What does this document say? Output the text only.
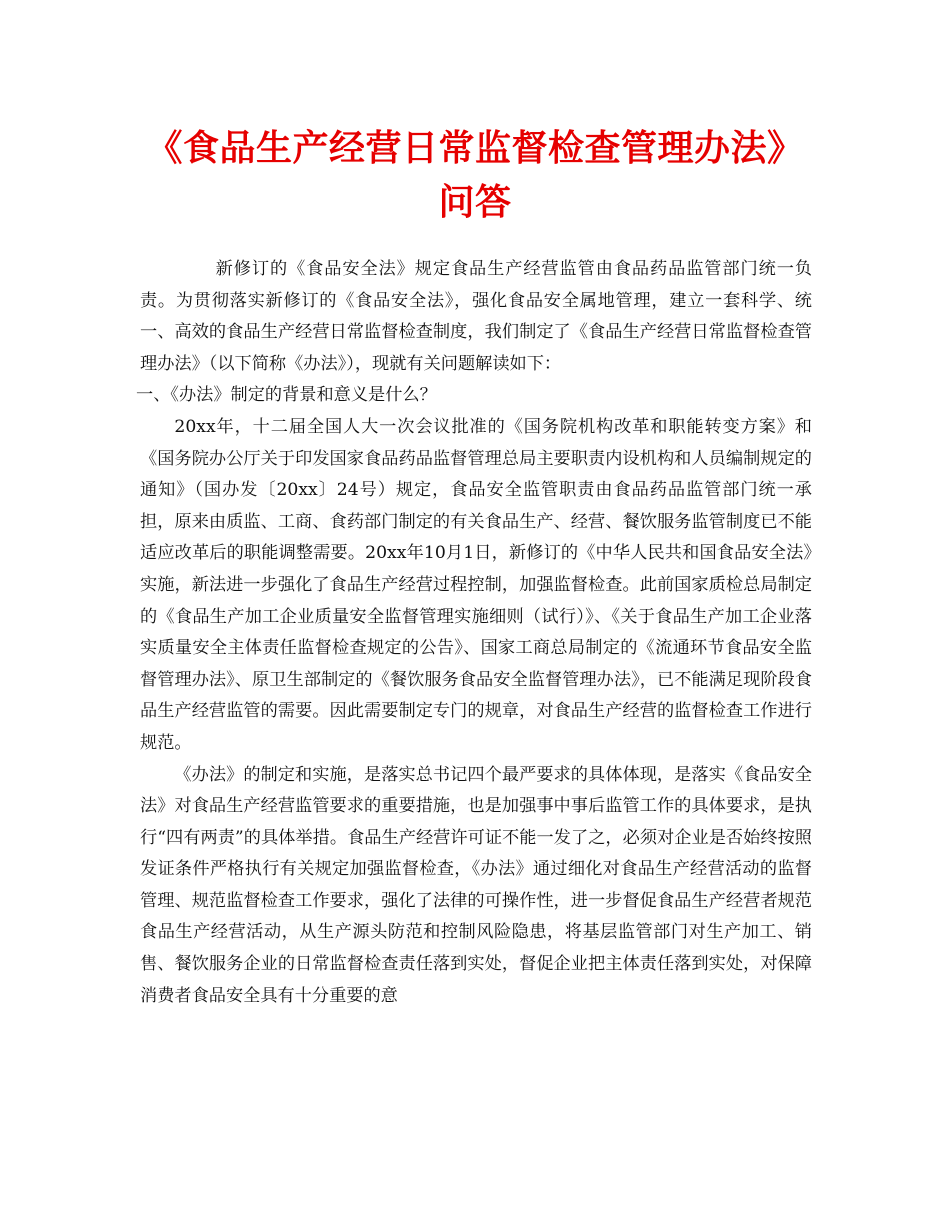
《食品生产经营日常监督检查管理办法》问答

新修订的《食品安全法》规定食品生产经营监管由食品药品监管部门统一负责。为贯彻落实新修订的《食品安全法》，强化食品安全属地管理，建立一套科学、统一、高效的食品生产经营日常监督检查制度，我们制定了《食品生产经营日常监督检查管理办法》（以下简称《办法》），现就有关问题解读如下：

一、《办法》制定的背景和意义是什么？

20xx年，十二届全国人大一次会议批准的《国务院机构改革和职能转变方案》和《国务院办公厅关于印发国家食品药品监督管理总局主要职责内设机构和人员编制规定的通知》（国办发〔20xx〕24号）规定，食品安全监管职责由食品药品监管部门统一承担，原来由质监、工商、食药部门制定的有关食品生产、经营、餐饮服务监管制度已不能适应改革后的职能调整需要。20xx年10月1日，新修订的《中华人民共和国食品安全法》实施，新法进一步强化了食品生产经营过程控制，加强监督检查。此前国家质检总局制定的《食品生产加工企业质量安全监督管理实施细则（试行）》、《关于食品生产加工企业落实质量安全主体责任监督检查规定的公告》、国家工商总局制定的《流通环节食品安全监督管理办法》、原卫生部制定的《餐饮服务食品安全监督管理办法》，已不能满足现阶段食品生产经营监管的需要。因此需要制定专门的规章，对食品生产经营的监督检查工作进行规范。

《办法》的制定和实施，是落实总书记四个最严要求的具体体现，是落实《食品安全法》对食品生产经营监管要求的重要措施，也是加强事中事后监管工作的具体要求，是执行“四有两责”的具体举措。食品生产经营许可证不能一发了之，必须对企业是否始终按照发证条件严格执行有关规定加强监督检查，《办法》通过细化对食品生产经营活动的监督管理、规范监督检查工作要求，强化了法律的可操作性，进一步督促食品生产经营者规范食品生产经营活动，从生产源头防范和控制风险隐患，将基层监管部门对生产加工、销售、餐饮服务企业的日常监督检查责任落到实处，督促企业把主体责任落到实处，对保障消费者食品安全具有十分重要的意
